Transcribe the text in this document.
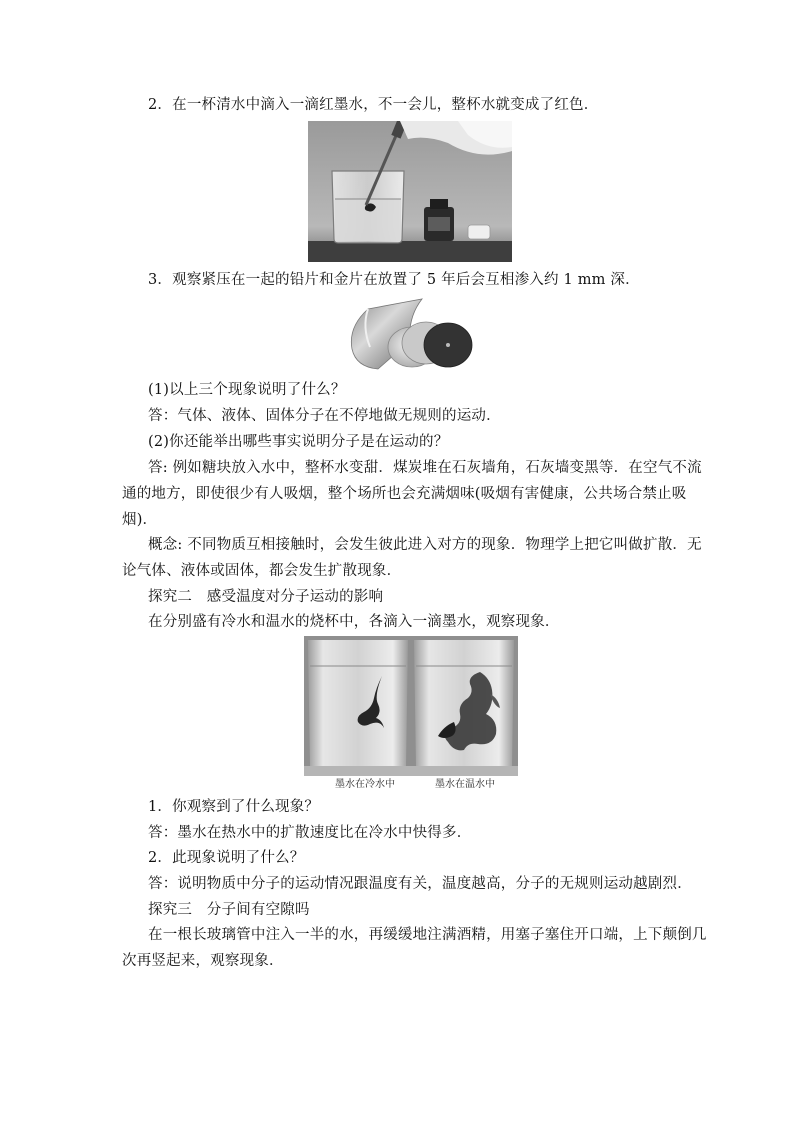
2．在一杯清水中滴入一滴红墨水，不一会儿，整杯水就变成了红色．
3．观察紧压在一起的铅片和金片在放置了 5 年后会互相渗入约 1 mm 深．
(1)以上三个现象说明了什么？
答：气体、液体、固体分子在不停地做无规则的运动．
(2)你还能举出哪些事实说明分子是在运动的？
答: 例如糖块放入水中，整杯水变甜．煤炭堆在石灰墙角，石灰墙变黑等．在空气不流
通的地方，即使很少有人吸烟，整个场所也会充满烟味(吸烟有害健康，公共场合禁止吸
烟)．
概念: 不同物质互相接触时，会发生彼此进入对方的现象．物理学上把它叫做扩散．无
论气体、液体或固体，都会发生扩散现象．
探究二　感受温度对分子运动的影响
在分别盛有冷水和温水的烧杯中，各滴入一滴墨水，观察现象．
墨水在冷水中	墨水在温水中
1．你观察到了什么现象？
答：墨水在热水中的扩散速度比在冷水中快得多．
2．此现象说明了什么？
答：说明物质中分子的运动情况跟温度有关，温度越高，分子的无规则运动越剧烈．
探究三　分子间有空隙吗
在一根长玻璃管中注入一半的水，再缓缓地注满酒精，用塞子塞住开口端，上下颠倒几
次再竖起来，观察现象．
